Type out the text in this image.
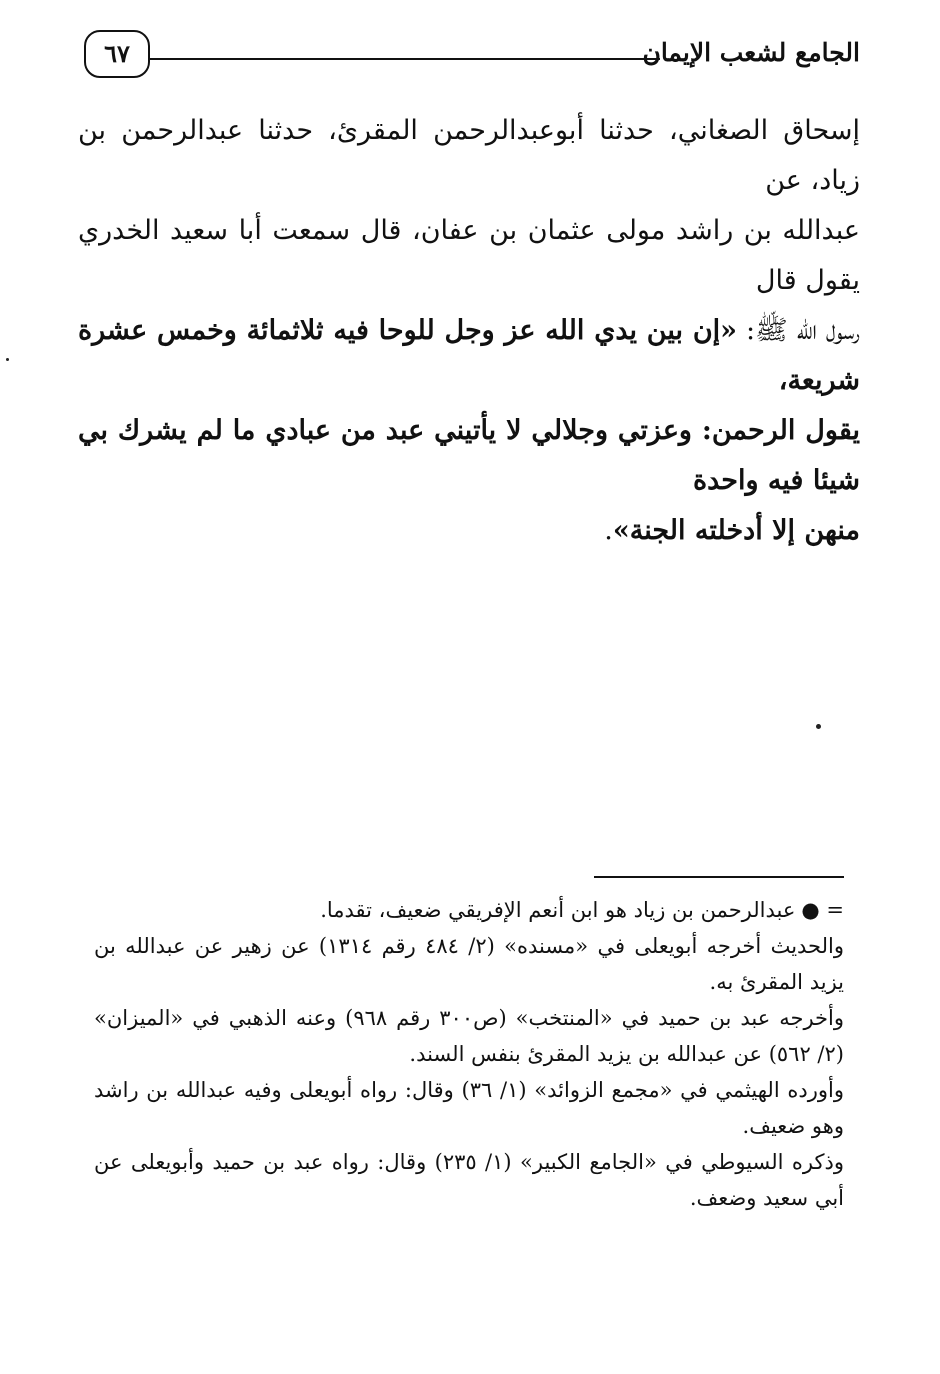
الجامع لشعب الإيمان
٦٧

إسحاق الصغاني، حدثنا أبوعبدالرحمن المقرئ، حدثنا عبدالرحمن بن زياد، عن

عبدالله بن راشد مولى عثمان بن عفان، قال سمعت أبا سعيد الخدري يقول قال

رسول الله ﷺ: «إن بين يدي الله عز وجل للوحا فيه ثلاثمائة وخمس عشرة شريعة،

يقول الرحمن: وعزتي وجلالي لا يأتيني عبد من عبادي ما لم يشرك بي شيئا فيه واحدة

منهن إلا أدخلته الجنة».

= ●عبدالرحمن بن زياد هو ابن أنعم الإفريقي ضعيف، تقدما.

والحديث أخرجه أبويعلى في «مسنده» (٢/ ٤٨٤ رقم ١٣١٤) عن زهير عن عبدالله بن يزيد المقرئ به.

وأخرجه عبد بن حميد في «المنتخب» (ص٣٠٠ رقم ٩٦٨) وعنه الذهبي في «الميزان» (٢/ ٥٦٢) عن عبدالله بن يزيد المقرئ بنفس السند.

وأورده الهيثمي في «مجمع الزوائد» (١/ ٣٦) وقال: رواه أبويعلى وفيه عبدالله بن راشد وهو ضعيف.

وذكره السيوطي في «الجامع الكبير» (١/ ٢٣٥) وقال: رواه عبد بن حميد وأبويعلى عن أبي سعيد وضعف.
